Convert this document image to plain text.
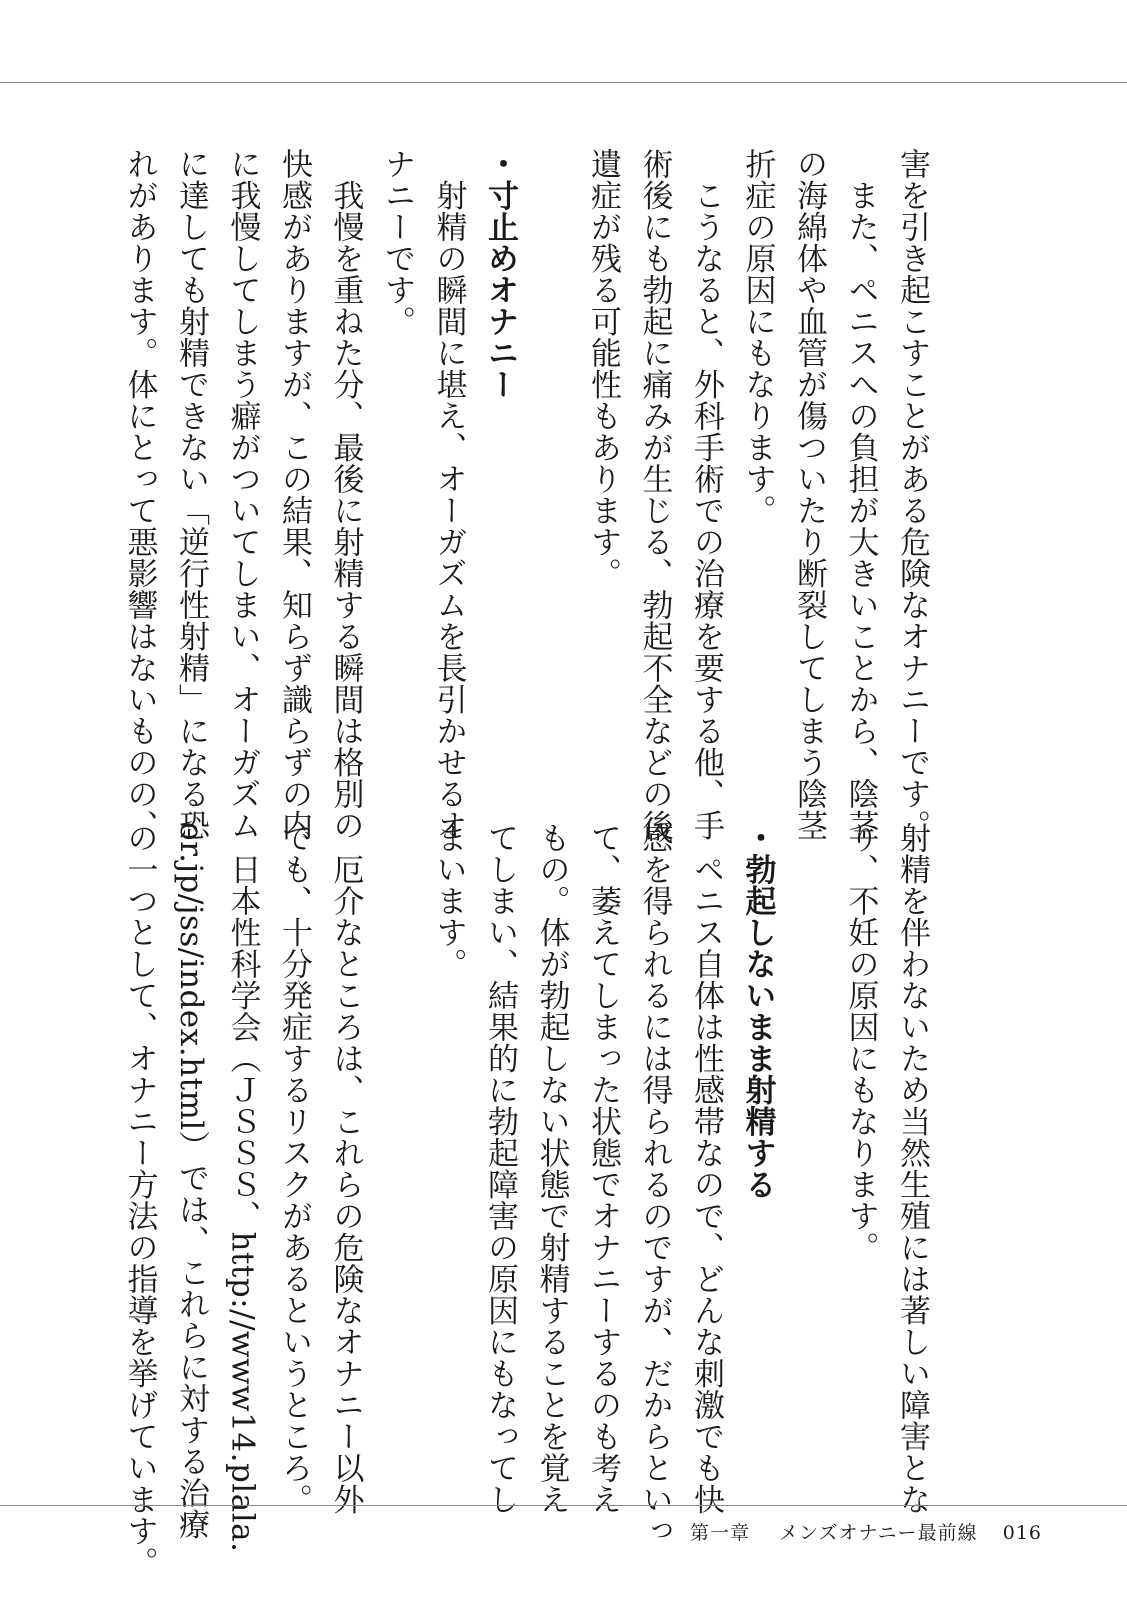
害を引き起こすことがある危険なオナニーです。
　また、ペニスへの負担が大きいことから、陰茎
の海綿体や血管が傷ついたり断裂してしまう陰茎
折症の原因にもなります。
　こうなると、外科手術での治療を要する他、手
術後にも勃起に痛みが生じる、勃起不全などの後
遺症が残る可能性もあります。

・寸止めオナニー
　射精の瞬間に堪え、オーガズムを長引かせるオ
ナニーです。
　我慢を重ねた分、最後に射精する瞬間は格別の
快感がありますが、この結果、知らず識らずの内
に我慢してしまう癖がついてしまい、オーガズム
に達しても射精できない「逆行性射精」になる恐
れがあります。体にとって悪影響はないものの、
射精を伴わないため当然生殖には著しい障害とな
り、不妊の原因にもなります。

・勃起しないまま射精する
　ペニス自体は性感帯なので、どんな刺激でも快
感を得られるには得られるのですが、だからといっ
て、萎えてしまった状態でオナニーするのも考え
もの。体が勃起しない状態で射精することを覚え
てしまい、結果的に勃起障害の原因にもなってし
まいます。

　厄介なところは、これらの危険なオナニー以外
でも、十分発症するリスクがあるというところ。
　日本性科学会（ＪＳＳＳ、http://www14.plala.
or.jp/jss/index.html）では、これらに対する治療
の一つとして、オナニー方法の指導を挙げています。	第一章 メンズオナニー最前線 016
